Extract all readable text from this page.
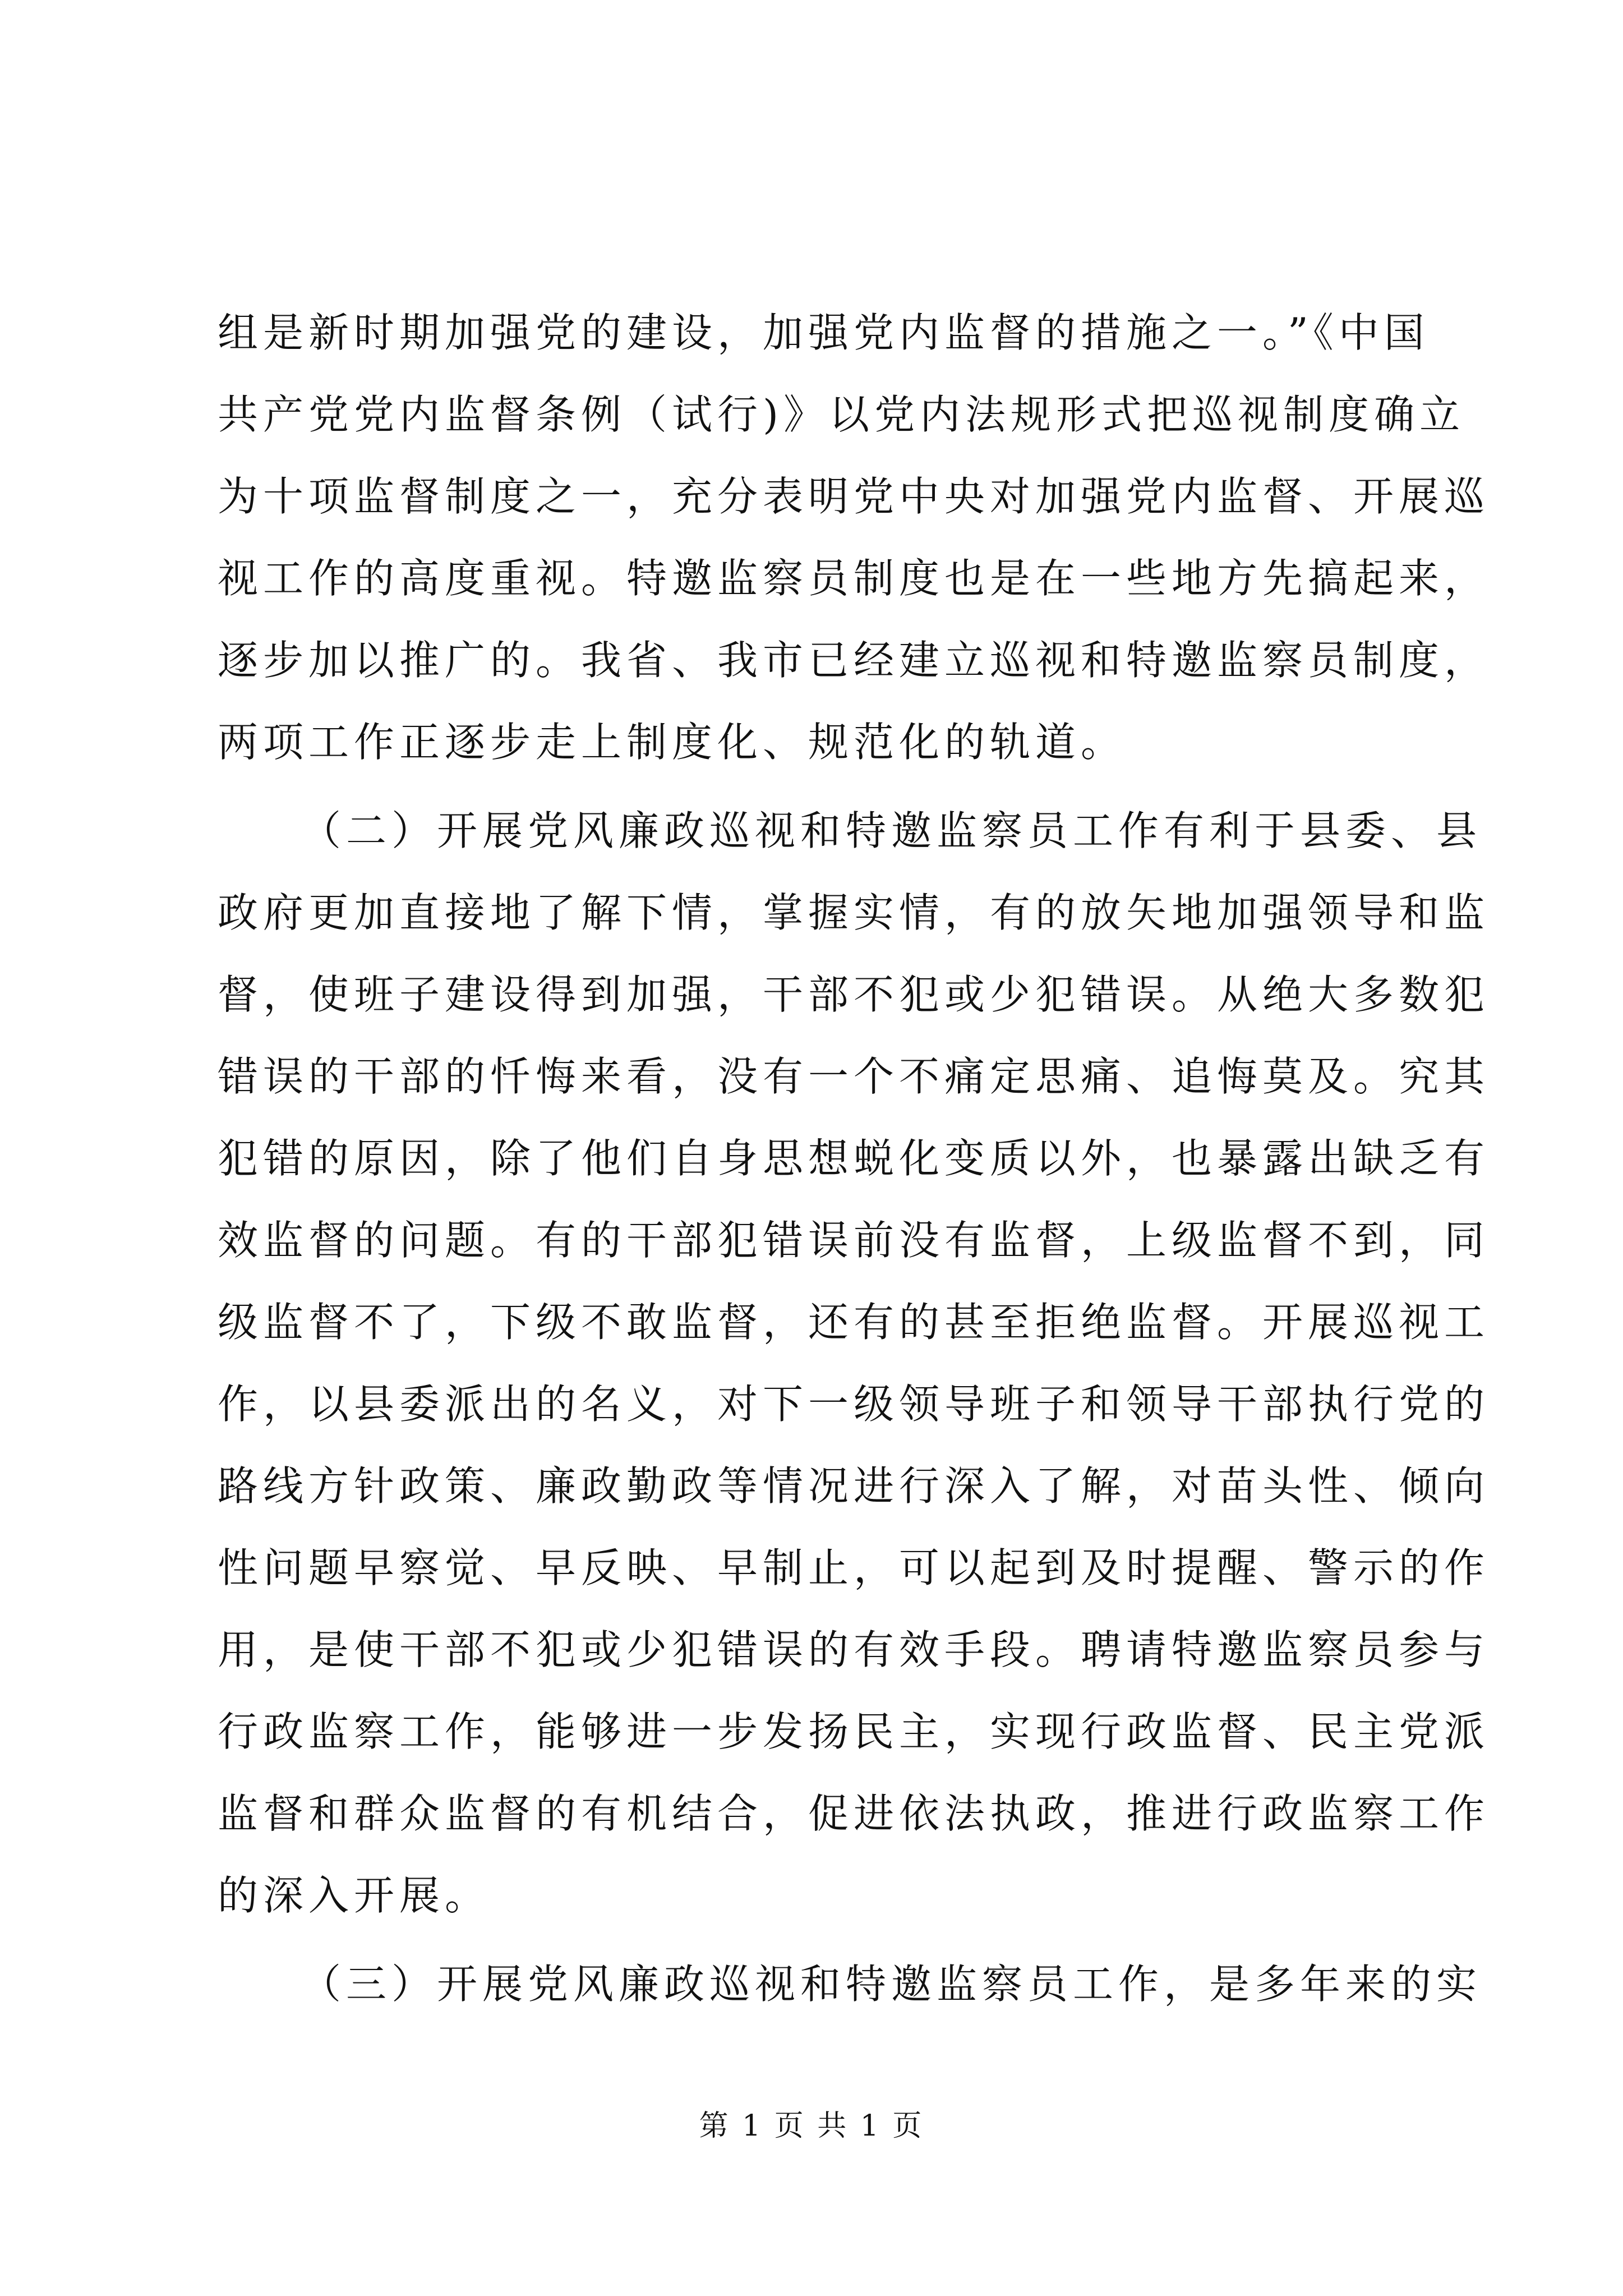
组是新时期加强党的建设，加强党内监督的措施之一。”《中国
共产党党内监督条例（试行)》以党内法规形式把巡视制度确立
为十项监督制度之一，充分表明党中央对加强党内监督、开展巡
视工作的高度重视。特邀监察员制度也是在一些地方先搞起来，
逐步加以推广的。我省、我市已经建立巡视和特邀监察员制度，
两项工作正逐步走上制度化、规范化的轨道。
（二）开展党风廉政巡视和特邀监察员工作有利于县委、县
政府更加直接地了解下情，掌握实情，有的放矢地加强领导和监
督，使班子建设得到加强，干部不犯或少犯错误。从绝大多数犯
错误的干部的忏悔来看，没有一个不痛定思痛、追悔莫及。究其
犯错的原因，除了他们自身思想蜕化变质以外，也暴露出缺乏有
效监督的问题。有的干部犯错误前没有监督，上级监督不到，同
级监督不了，下级不敢监督，还有的甚至拒绝监督。开展巡视工
作，以县委派出的名义，对下一级领导班子和领导干部执行党的
路线方针政策、廉政勤政等情况进行深入了解，对苗头性、倾向
性问题早察觉、早反映、早制止，可以起到及时提醒、警示的作
用，是使干部不犯或少犯错误的有效手段。聘请特邀监察员参与
行政监察工作，能够进一步发扬民主，实现行政监督、民主党派
监督和群众监督的有机结合，促进依法执政，推进行政监察工作
的深入开展。
（三）开展党风廉政巡视和特邀监察员工作，是多年来的实
第 1 页 共 1 页
